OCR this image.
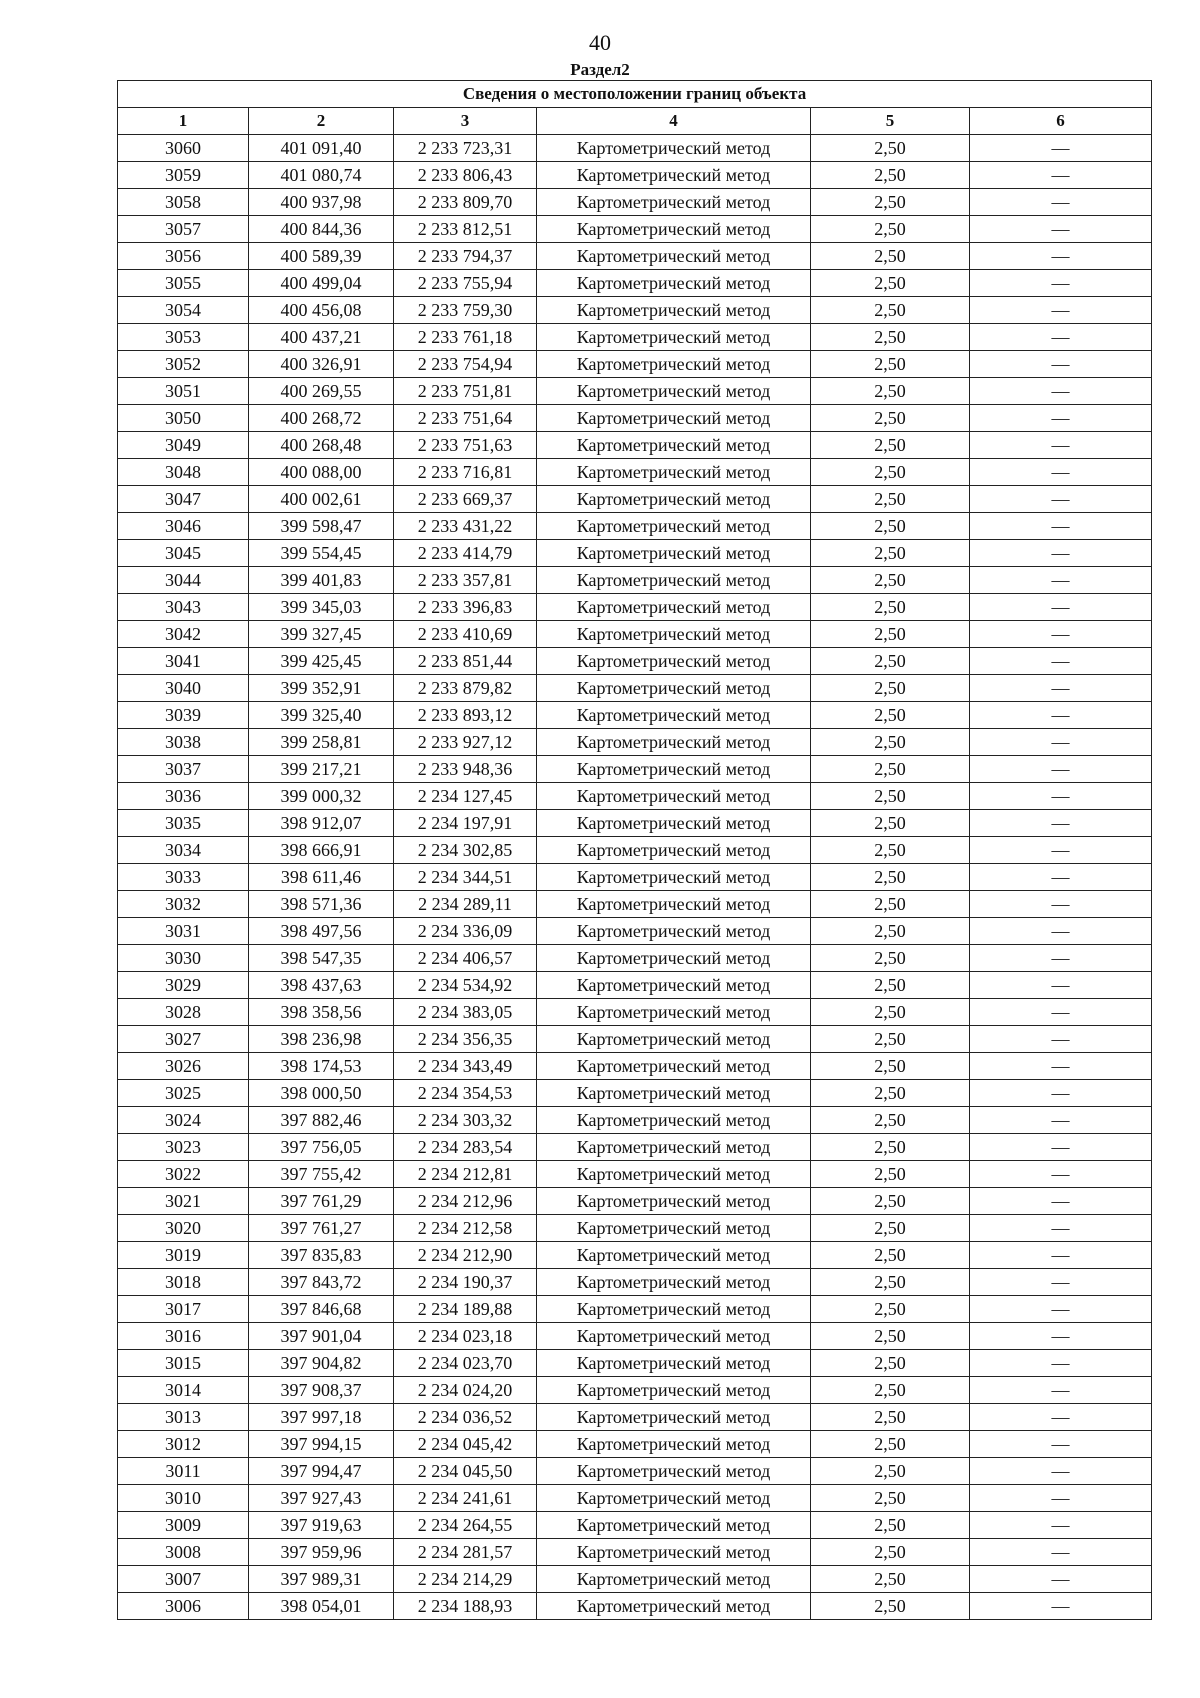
40
Раздел2
Сведения о местоположении границ объекта					
1	2	3	4	5	6
3060	401 091,40	2 233 723,31	Картометрический метод	2,50	—
3059	401 080,74	2 233 806,43	Картометрический метод	2,50	—
3058	400 937,98	2 233 809,70	Картометрический метод	2,50	—
3057	400 844,36	2 233 812,51	Картометрический метод	2,50	—
3056	400 589,39	2 233 794,37	Картометрический метод	2,50	—
3055	400 499,04	2 233 755,94	Картометрический метод	2,50	—
3054	400 456,08	2 233 759,30	Картометрический метод	2,50	—
3053	400 437,21	2 233 761,18	Картометрический метод	2,50	—
3052	400 326,91	2 233 754,94	Картометрический метод	2,50	—
3051	400 269,55	2 233 751,81	Картометрический метод	2,50	—
3050	400 268,72	2 233 751,64	Картометрический метод	2,50	—
3049	400 268,48	2 233 751,63	Картометрический метод	2,50	—
3048	400 088,00	2 233 716,81	Картометрический метод	2,50	—
3047	400 002,61	2 233 669,37	Картометрический метод	2,50	—
3046	399 598,47	2 233 431,22	Картометрический метод	2,50	—
3045	399 554,45	2 233 414,79	Картометрический метод	2,50	—
3044	399 401,83	2 233 357,81	Картометрический метод	2,50	—
3043	399 345,03	2 233 396,83	Картометрический метод	2,50	—
3042	399 327,45	2 233 410,69	Картометрический метод	2,50	—
3041	399 425,45	2 233 851,44	Картометрический метод	2,50	—
3040	399 352,91	2 233 879,82	Картометрический метод	2,50	—
3039	399 325,40	2 233 893,12	Картометрический метод	2,50	—
3038	399 258,81	2 233 927,12	Картометрический метод	2,50	—
3037	399 217,21	2 233 948,36	Картометрический метод	2,50	—
3036	399 000,32	2 234 127,45	Картометрический метод	2,50	—
3035	398 912,07	2 234 197,91	Картометрический метод	2,50	—
3034	398 666,91	2 234 302,85	Картометрический метод	2,50	—
3033	398 611,46	2 234 344,51	Картометрический метод	2,50	—
3032	398 571,36	2 234 289,11	Картометрический метод	2,50	—
3031	398 497,56	2 234 336,09	Картометрический метод	2,50	—
3030	398 547,35	2 234 406,57	Картометрический метод	2,50	—
3029	398 437,63	2 234 534,92	Картометрический метод	2,50	—
3028	398 358,56	2 234 383,05	Картометрический метод	2,50	—
3027	398 236,98	2 234 356,35	Картометрический метод	2,50	—
3026	398 174,53	2 234 343,49	Картометрический метод	2,50	—
3025	398 000,50	2 234 354,53	Картометрический метод	2,50	—
3024	397 882,46	2 234 303,32	Картометрический метод	2,50	—
3023	397 756,05	2 234 283,54	Картометрический метод	2,50	—
3022	397 755,42	2 234 212,81	Картометрический метод	2,50	—
3021	397 761,29	2 234 212,96	Картометрический метод	2,50	—
3020	397 761,27	2 234 212,58	Картометрический метод	2,50	—
3019	397 835,83	2 234 212,90	Картометрический метод	2,50	—
3018	397 843,72	2 234 190,37	Картометрический метод	2,50	—
3017	397 846,68	2 234 189,88	Картометрический метод	2,50	—
3016	397 901,04	2 234 023,18	Картометрический метод	2,50	—
3015	397 904,82	2 234 023,70	Картометрический метод	2,50	—
3014	397 908,37	2 234 024,20	Картометрический метод	2,50	—
3013	397 997,18	2 234 036,52	Картометрический метод	2,50	—
3012	397 994,15	2 234 045,42	Картометрический метод	2,50	—
3011	397 994,47	2 234 045,50	Картометрический метод	2,50	—
3010	397 927,43	2 234 241,61	Картометрический метод	2,50	—
3009	397 919,63	2 234 264,55	Картометрический метод	2,50	—
3008	397 959,96	2 234 281,57	Картометрический метод	2,50	—
3007	397 989,31	2 234 214,29	Картометрический метод	2,50	—
3006	398 054,01	2 234 188,93	Картометрический метод	2,50	—
